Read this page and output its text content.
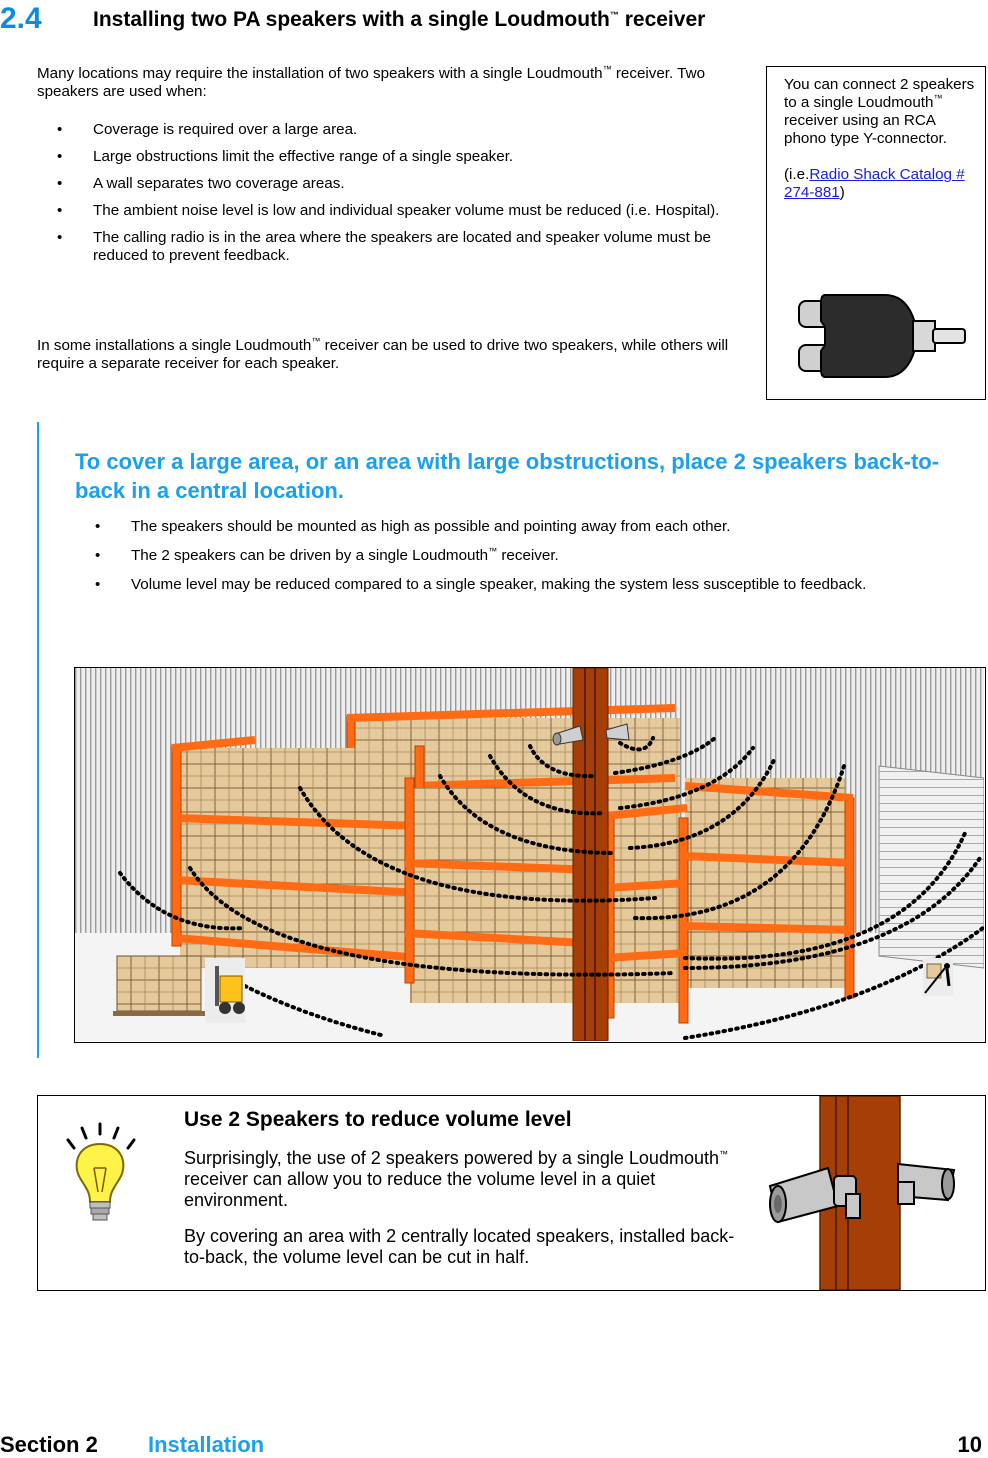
2.4 Installing two PA speakers with a single Loudmouth™ receiver
Many locations may require the installation of two speakers with a single Loudmouth™ receiver. Two speakers are used when:
• Coverage is required over a large area.
• Large obstructions limit the effective range of a single speaker.
• A wall separates two coverage areas.
• The ambient noise level is low and individual speaker volume must be reduced (i.e. Hospital).
• The calling radio is in the area where the speakers are located and speaker volume must be reduced to prevent feedback.
In some installations a single Loudmouth™ receiver can be used to drive two speakers, while others will require a separate receiver for each speaker.
You can connect 2 speakers to a single Loudmouth™ receiver using an RCA phono type Y-connector.

(i.e.Radio Shack Catalog # 274-881)
To cover a large area, or an area with large obstructions, place 2 speakers back-to-back in a central location.
• The speakers should be mounted as high as possible and pointing away from each other.
• The 2 speakers can be driven by a single Loudmouth™ receiver.
• Volume level may be reduced compared to a single speaker, making the system less susceptible to feedback.
Use 2 Speakers to reduce volume level
Surprisingly, the use of 2 speakers powered by a single Loudmouth™ receiver can allow you to reduce the volume level in a quiet environment.
By covering an area with 2 centrally located speakers, installed back-to-back, the volume level can be cut in half.
Section 2 Installation	10
